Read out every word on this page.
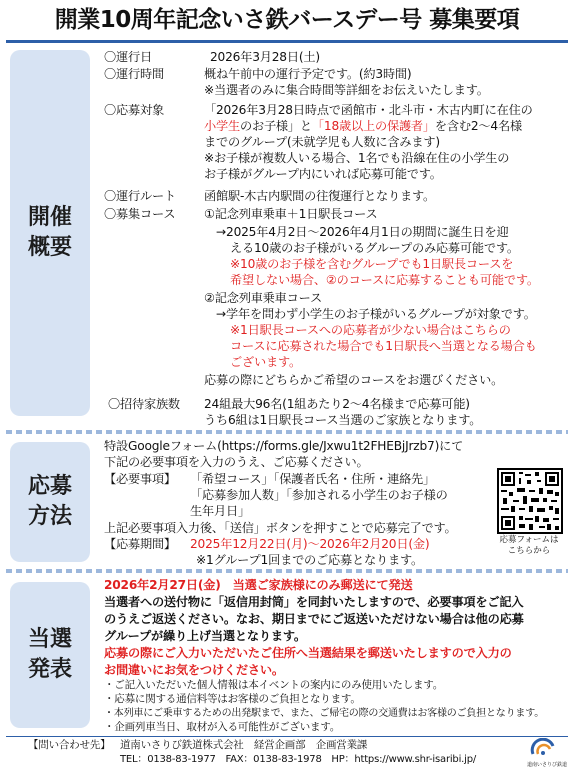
開業10周年記念いさ鉄バースデー号 募集要項
開催
概要
〇運行日	2026年3月28日(土)
〇運行時間	概ね午前中の運行予定です。(約3時間)
※当選者のみに集合時間等詳細をお伝えいたします。
〇応募対象	「2026年3月28日時点で函館市・北斗市・木古内町に在住の
小学生のお子様」と「18歳以上の保護者」を含む2～4名様
までのグループ(未就学児も人数に含みます)
※お子様が複数人いる場合、1名でも沿線在住の小学生の
お子様がグループ内にいれば応募可能です。
〇運行ルート 函館駅-木古内駅間の往復運行となります。
〇募集コース ①記念列車乗車＋1日駅長コース
→2025年4月2日～2026年4月1日の期間に誕生日を迎
える10歳のお子様がいるグループのみ応募可能です。
※10歳のお子様を含むグループでも1日駅長コースを
希望しない場合、②のコースに応募することも可能です。
②記念列車乗車コース
→学年を問わず小学生のお子様がいるグループが対象です。
※1日駅長コースへの応募者が少ない場合はこちらの
コースに応募された場合でも1日駅長へ当選となる場合も
ございます。
応募の際にどちらかご希望のコースをお選びください。
〇招待家族数 24組最大96名(1組あたり2～4名様まで応募可能)
うち6組は1日駅長コース当選のご家族となります。
応募
方法
特設Googleフォーム(https://forms.gle/Jxwu1t2FHEBjJrzb7)にて
下記の必要事項を入力のうえ、ご応募ください。
【必要事項】 「希望コース」「保護者氏名・住所・連絡先」
「応募参加人数」「参加される小学生のお子様の
生年月日」
上記必要事項入力後、「送信」ボタンを押すことで応募完了です。
【応募期間】 2025年12月22日(月)～2026年2月20日(金)
※1グループ1回までのご応募となります。
応募フォームは
こちらから
当選
発表
2026年2月27日(金)　当選ご家族様にのみ郵送にて発送
当選者への送付物に「返信用封筒」を同封いたしますので、必要事項をご記入
のうえご返送ください。なお、期日までにご返送いただけない場合は他の応募
グループが繰り上げ当選となります。
応募の際にご入力いただいたご住所へ当選結果を郵送いたしますので入力の
お間違いにお気をつけください。
・ご記入いただいた個人情報は本イベントの案内にのみ使用いたします。
・応募に関する通信料等はお客様のご負担となります。
・本列車にご乗車するための出発駅まで、また、ご帰宅の際の交通費はお客様のご負担となります。
・企画列車当日、取材が入る可能性がございます。
【問い合わせ先】 道南いさりび鉄道株式会社　経営企画部　企画営業課
TEL：0138-83-1977　FAX：0138-83-1978　HP：https://www.shr-isaribi.jp/	道南いさりび鉄道
